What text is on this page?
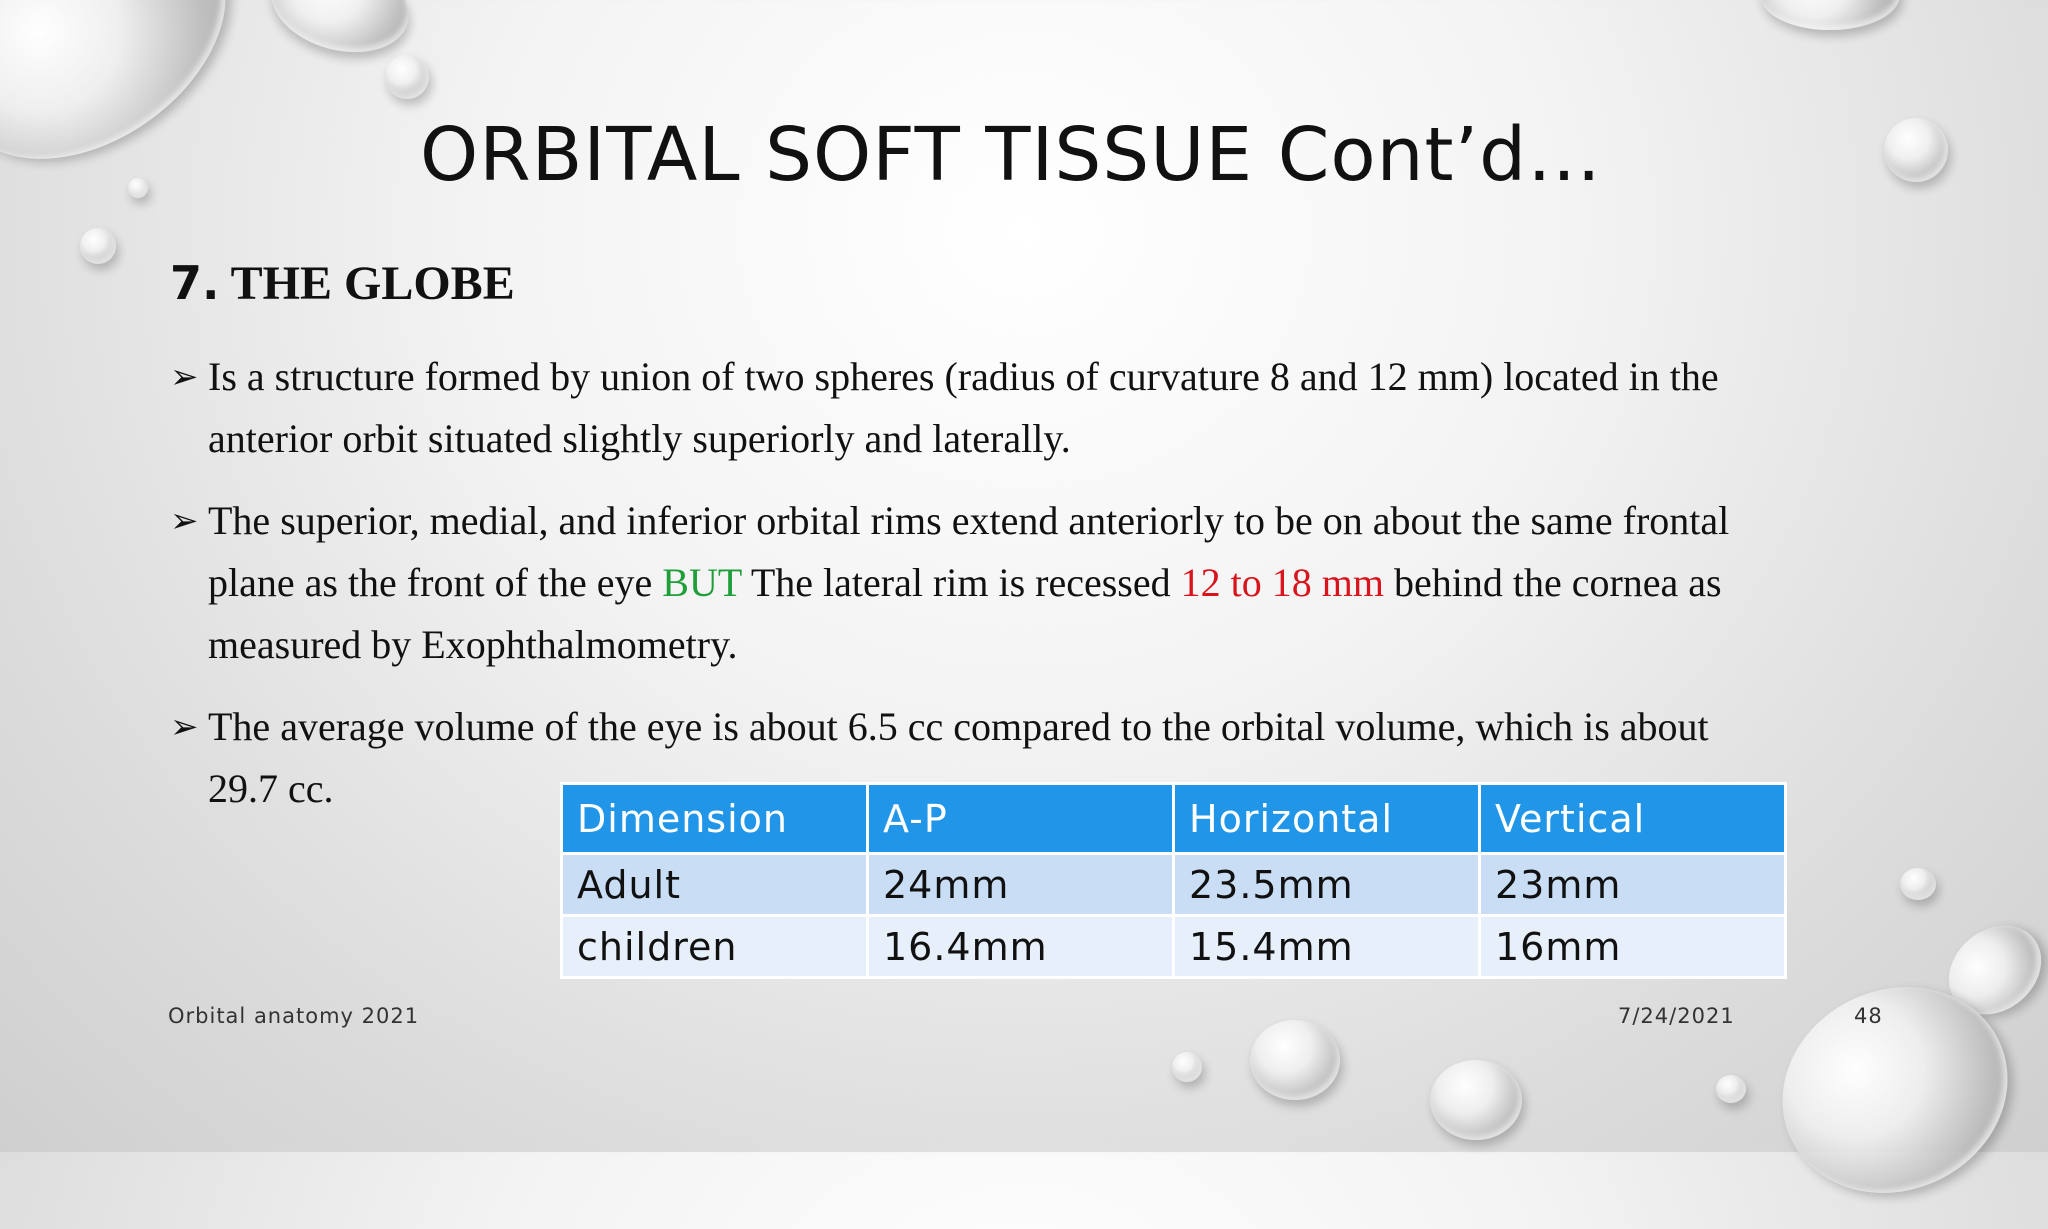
ORBITAL SOFT TISSUE Cont’d…
7. THE GLOBE
➢ Is a structure formed by union of two spheres (radius of curvature 8 and 12 mm) located in the
anterior orbit situated slightly superiorly and laterally.
➢ The superior, medial, and inferior orbital rims extend anteriorly to be on about the same frontal
plane as the front of the eye BUT The lateral rim is recessed 12 to 18 mm behind the cornea as
measured by Exophthalmometry.
➢ The average volume of the eye is about 6.5 cc compared to the orbital volume, which is about
29.7 cc.
Dimension	A-P	Horizontal	Vertical
Adult	24mm	23.5mm	23mm
children	16.4mm	15.4mm	16mm
Orbital anatomy 2021	7/24/2021	48
